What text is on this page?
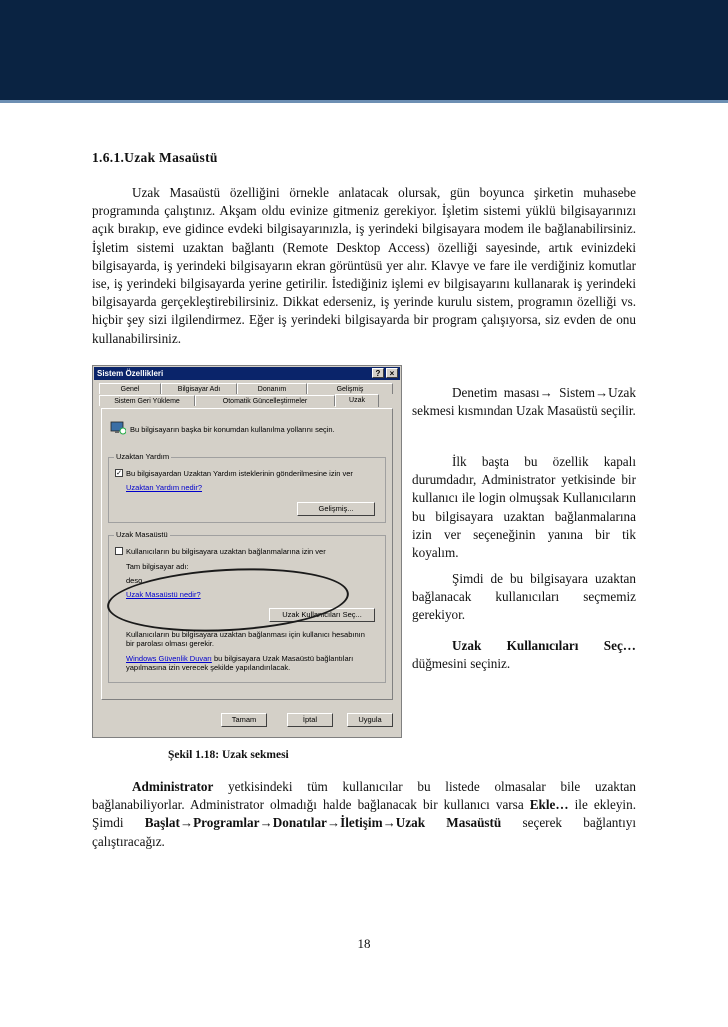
1.6.1.Uzak Masaüstü
Uzak Masaüstü özelliğini örnekle anlatacak olursak, gün boyunca şirketin muhasebe programında çalıştınız. Akşam oldu evinize gitmeniz gerekiyor. İşletim sistemi yüklü bilgisayarınızı açık bırakıp, eve gidince evdeki bilgisayarınızla, iş yerindeki bilgisayara modem ile bağlanabilirsiniz. İşletim sistemi uzaktan bağlantı (Remote Desktop Access) özelliği sayesinde, artık evinizdeki bilgisayarda, iş yerindeki bilgisayarın ekran görüntüsü yer alır. Klavye ve fare ile verdiğiniz komutlar ise, iş yerindeki bilgisayarda yerine getirilir. İstediğiniz işlemi ev bilgisayarını kullanarak iş yerindeki bilgisayarda gerçekleştirebilirsiniz. Dikkat ederseniz, iş yerinde kurulu sistem, programın özelliği vs. hiçbir şey sizi ilgilendirmez. Eğer iş yerindeki bilgisayarda bir program çalışıyorsa, siz evden de onu kullanabilirsiniz.
Sistem Özellikleri	?	×
Genel	Bilgisayar Adı	Donanım	Gelişmiş
Sistem Geri Yükleme	Otomatik Güncelleştirmeler	Uzak
Bu bilgisayarın başka bir konumdan kullanılma yollarını seçin.
Uzaktan Yardım
✓ Bu bilgisayardan Uzaktan Yardım isteklerinin gönderilmesine izin ver
Uzaktan Yardım nedir?
Gelişmiş...
Uzak Masaüstü
Kullanıcıların bu bilgisayara uzaktan bağlanmalarına izin ver
Tam bilgisayar adı:
deso
Uzak Masaüstü nedir?
Uzak Kullanıcıları Seç...
Kullanıcıların bu bilgisayara uzaktan bağlanması için kullanıcı hesabının
bir parolası olması gerekir.
Windows Güvenlik Duvarı bu bilgisayara Uzak Masaüstü bağlantıları
yapılmasına izin verecek şekilde yapılandırılacak.
Tamam	İptal	Uygula
Denetim masası→ Sistem→Uzak sekmesi kısmından Uzak Masaüstü seçilir.
İlk başta bu özellik kapalı durumdadır, Administrator yetkisinde bir kullanıcı ile login olmuşsak Kullanıcıların bu bilgisayara uzaktan bağlanmalarına izin ver seçeneğinin yanına bir tik koyalım.
Şimdi de bu bilgisayara uzaktan bağlanacak kullanıcıları seçmemiz gerekiyor.
Uzak Kullanıcıları Seç… düğmesini seçiniz.
Şekil 1.18: Uzak sekmesi
Administrator yetkisindeki tüm kullanıcılar bu listede olmasalar bile uzaktan bağlanabiliyorlar. Administrator olmadığı halde bağlanacak bir kullanıcı varsa Ekle… ile ekleyin. Şimdi Başlat→Programlar→Donatılar→İletişim→Uzak Masaüstü seçerek bağlantıyı çalıştıracağız.
18
